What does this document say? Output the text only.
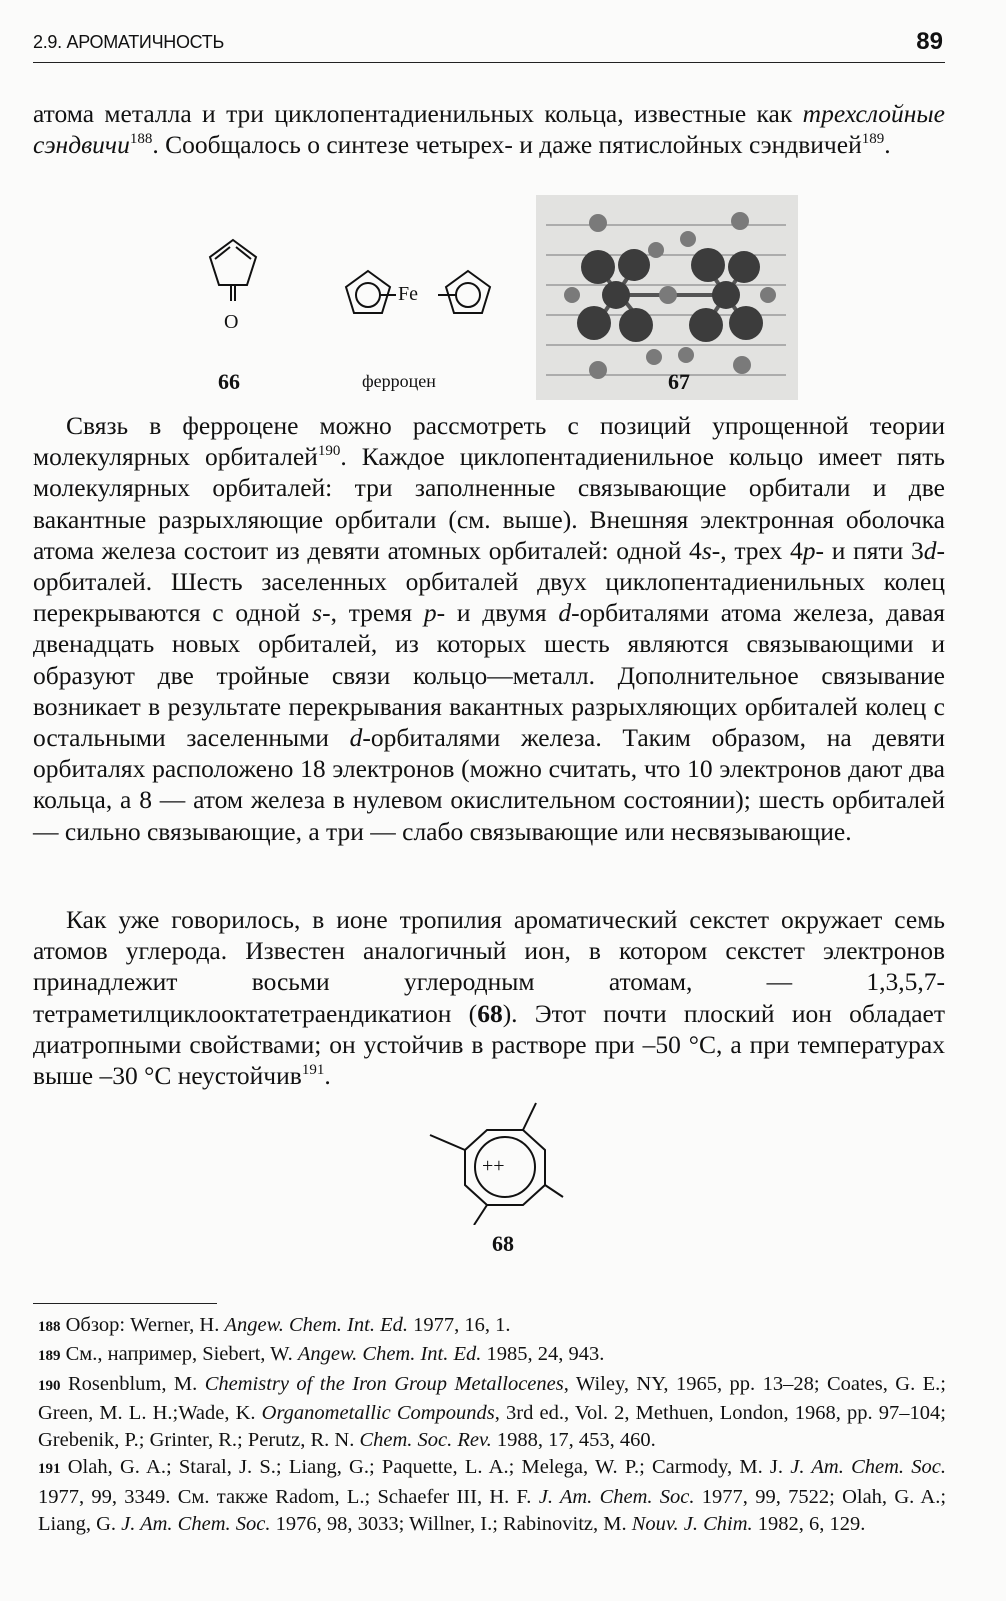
2.9. АРОМАТИЧНОСТЬ	89
атома металла и три циклопентадиенильных кольца, известные как трехслойные сэндвичи$^{188}$. Сообщалось о синтезе четырех- и даже пятислойных сэндвичей$^{189}$.
O
66
Fe
ферроцен	67
Связь в ферроцене можно рассмотреть с позиций упрощенной теории молекулярных орбиталей$^{190}$. Каждое циклопентадиенильное кольцо имеет пять молекулярных орбиталей: три заполненные связывающие орбитали и две вакантные разрыхляющие орбитали (см. выше). Внешняя электронная оболочка атома железа состоит из девяти атомных орбиталей: одной 4s-, трех 4p- и пяти 3d-орбиталей. Шесть заселенных орбиталей двух циклопентадиенильных колец перекрываются с одной s-, тремя p- и двумя d-орбиталями атома железа, давая двенадцать новых орбиталей, из которых шесть являются связывающими и образуют две тройные связи кольцо—металл. Дополнительное связывание возникает в результате перекрывания вакантных разрыхляющих орбиталей колец с остальными заселенными d-орбиталями железа. Таким образом, на девяти орбиталях расположено 18 электронов (можно считать, что 10 электронов дают два кольца, а 8 — атом железа в нулевом окислительном состоянии); шесть орбиталей — сильно связывающие, а три — слабо связывающие или несвязывающие.
Как уже говорилось, в ионе тропилия ароматический секстет окружает семь атомов углерода. Известен аналогичный ион, в котором секстет электронов принадлежит восьми углеродным атомам, — 1,3,5,7-тетраметилциклооктатетраендикатион (68). Этот почти плоский ион обладает диатропными свойствами; он устойчив в растворе при –50 °С, а при температурах выше –30 °С неустойчив$^{191}$.
++
68

188 Обзор: Werner, H. Angew. Chem. Int. Ed. 1977, 16, 1.

189 См., например, Siebert, W. Angew. Chem. Int. Ed. 1985, 24, 943.

190 Rosenblum, M. Chemistry of the Iron Group Metallocenes, Wiley, NY, 1965, pp. 13–28; Coates, G. E.; Green, M. L. H.;Wade, K. Organometallic Compounds, 3rd ed., Vol. 2, Methuen, London, 1968, pp. 97–104; Grebenik, P.; Grinter, R.; Perutz, R. N. Chem. Soc. Rev. 1988, 17, 453, 460.

191 Olah, G. A.; Staral, J. S.; Liang, G.; Paquette, L. A.; Melega, W. P.; Carmody, M. J. J. Am. Chem. Soc. 1977, 99, 3349. См. также Radom, L.; Schaefer III, H. F. J. Am. Chem. Soc. 1977, 99, 7522; Olah, G. A.; Liang, G. J. Am. Chem. Soc. 1976, 98, 3033; Willner, I.; Rabinovitz, M. Nouv. J. Chim. 1982, 6, 129.
